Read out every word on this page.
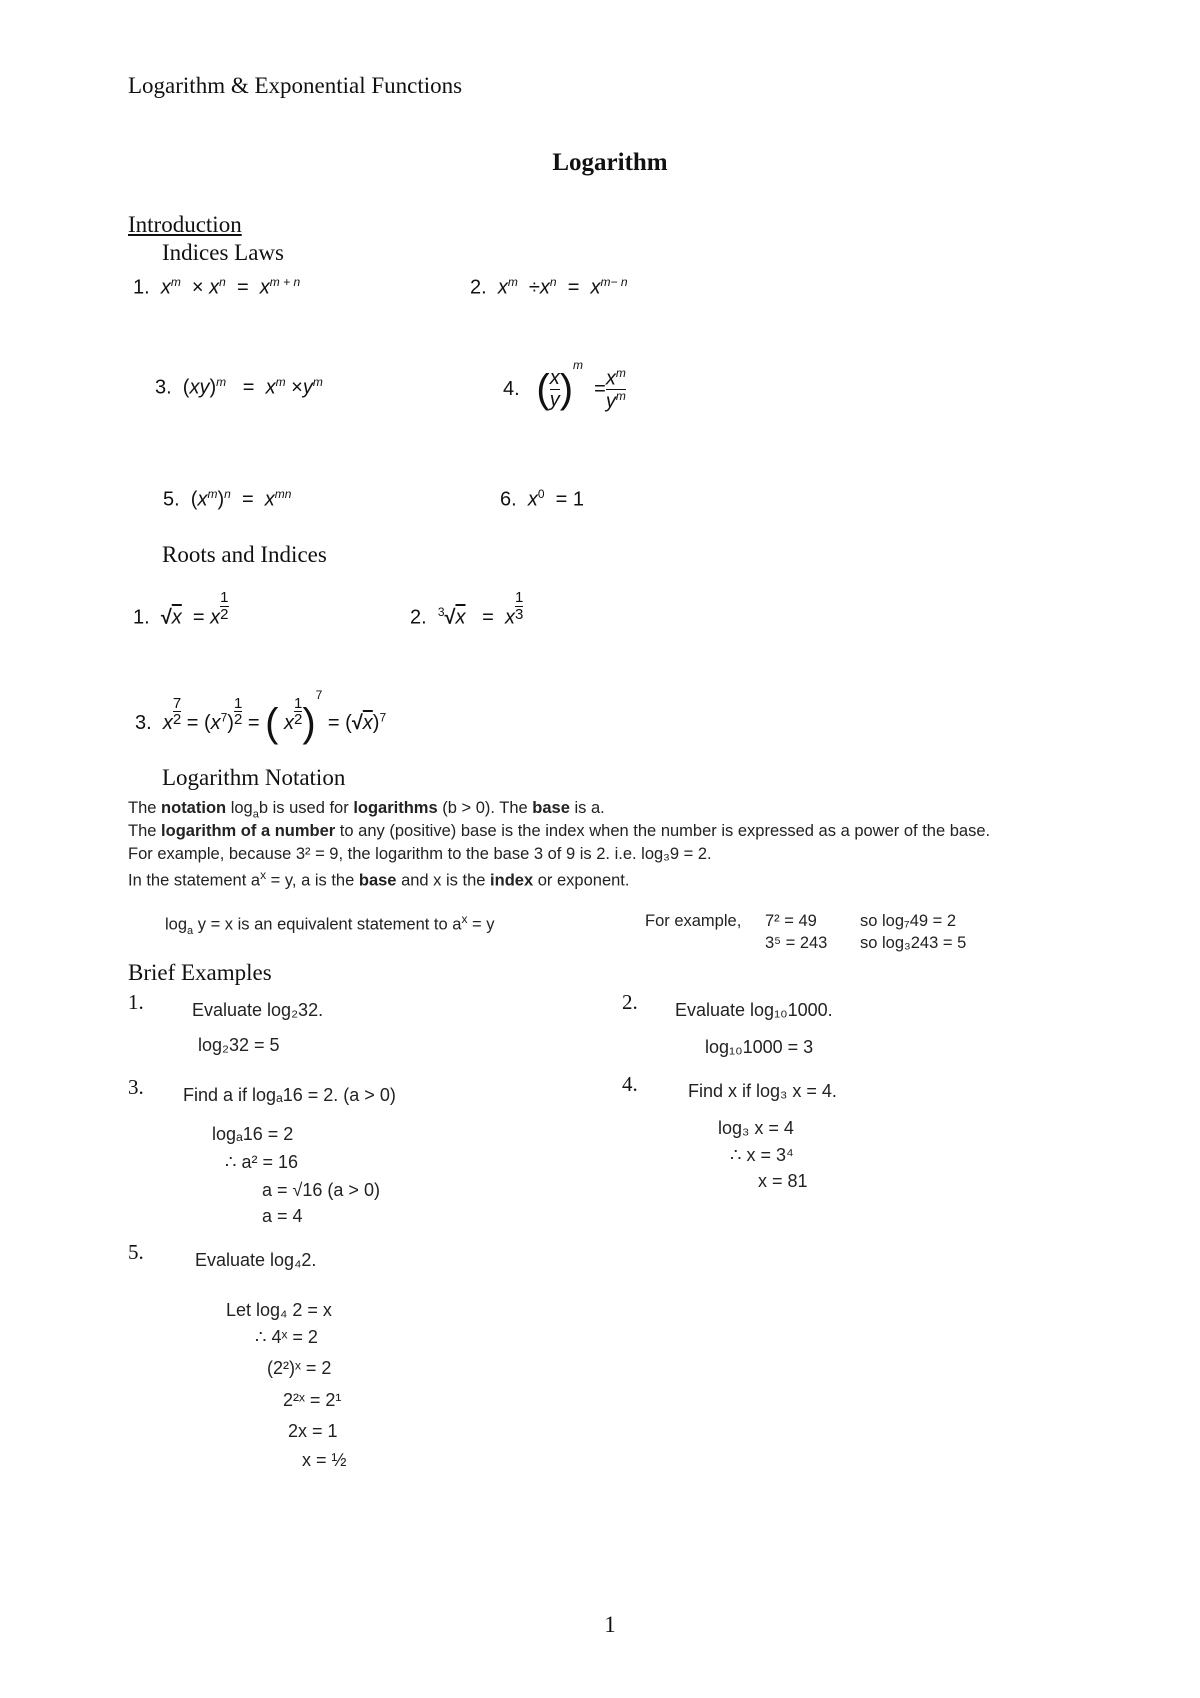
Logarithm & Exponential Functions
Logarithm
Introduction
Indices Laws
1. $x^m \times x^n = x^{m + n}$	2. $x^m \div x^n = x^{m- n}$
3.  $(xy)^m = x^m \times y^m$	4. ( $\frac{x}{y} )^m = \frac{x^m}{y^m}$
5.  $(x^m)^n = x^{mn}$	6. $x^0 = 1$
Roots and Indices
1. $√x = x^{1 2}$	2. $^3√x = x^{1 3}$
3. $x^{7 2} = (x^7)^{1 2}$ = ( $x^{1 2})^7 = (√x)^7$
Logarithm Notation
The notation $\log_ab$ is used for logarithms (b > 0). The base is a.
The logarithm of a number to any (positive) base is the index when the number is expressed as a power of the base.
For example, because 3² = 9, the logarithm to the base 3 of 9 is 2. i.e. log₃9 = 2.
In the statement $a^x = y$, a is the base and x is the index or exponent.
$\log_a y = x$ is an equivalent statement to $a^x = y$	For example, 7² = 49	so log₇49 = 2
3⁵ = 243 so log₃243 = 5
Brief Examples
1.	Evaluate log₂32.
log₂32 = 5
2. Evaluate log₁₀1000.
log₁₀1000 = 3
3. Find a if logₐ16 = 2. (a > 0)
logₐ16 = 2
∴ a² = 16
a = √16 (a > 0)
a = 4
4.	Find x if log₃ x = 4.
log₃ x = 4
∴ x = 3⁴
x = 81
5.	Evaluate log₄2.
Let log₄ 2 = x
∴ 4ˣ = 2
(2²)ˣ = 2
2²ˣ = 2¹
2x = 1
x = ½
1
